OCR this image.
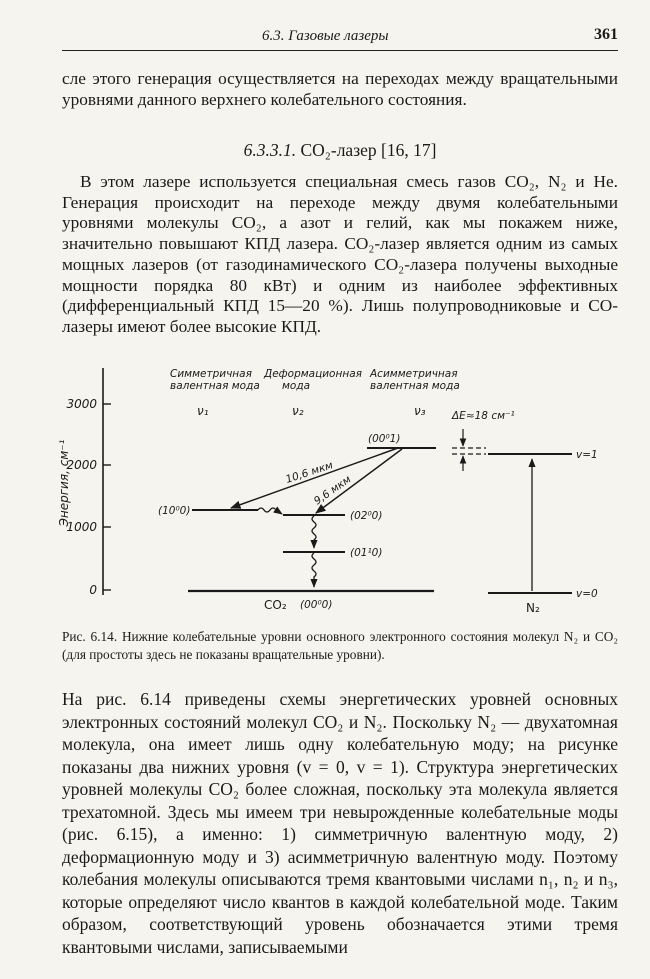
6.3. Газовые лазеры	361

сле этого генерация осуществляется на переходах между вращательными уровнями данного верхнего колебательного состояния.

6.3.3.1. CO₂-лазер [16, 17]

В этом лазере используется специальная смесь газов CO₂, N₂ и He. Генерация происходит на переходе между двумя колебательными уровнями молекулы CO₂, а азот и гелий, как мы покажем ниже, значительно повышают КПД лазера. CO₂-лазер является одним из самых мощных лазеров (от газодинамического CO₂-лазера получены выходные мощности порядка 80 кВт) и одним из наиболее эффективных (дифференциальный КПД 15—20 %). Лишь полупроводниковые и CO-лазеры имеют более высокие КПД.

3000
2000
1000
0
Энергия, см⁻¹
Симметричная
валентная мода
Деформационная
мода
Асимметричная
валентная мода
ν₁	ν₂	ν₃
(00⁰1)
(10⁰0)	(02⁰0)
(01¹0)
CO₂ (00⁰0)
10,6 мкм
9,6 мкм
v=1
v=0
N₂
ΔE≈18 см⁻¹
Рис. 6.14. Нижние колебательные уровни основного электронного состояния молекул N₂ и CO₂ (для простоты здесь не показаны вращательные уровни).

На рис. 6.14 приведены схемы энергетических уровней основных электронных состояний молекул CO₂ и N₂. Поскольку N₂ — двухатомная молекула, она имеет лишь одну колебательную моду; на рисунке показаны два нижних уровня (v = 0, v = 1). Структура энергетических уровней молекулы CO₂ более сложная, поскольку эта молекула является трехатомной. Здесь мы имеем три невырожденные колебательные моды (рис. 6.15), а именно: 1) симметричную валентную моду, 2) деформационную моду и 3) асимметричную валентную моду. Поэтому колебания молекулы описываются тремя квантовыми числами n₁, n₂ и n₃, которые определяют число квантов в каждой колебательной моде. Таким образом, соответствующий уровень обозначается этими тремя квантовыми числами, записываемыми
